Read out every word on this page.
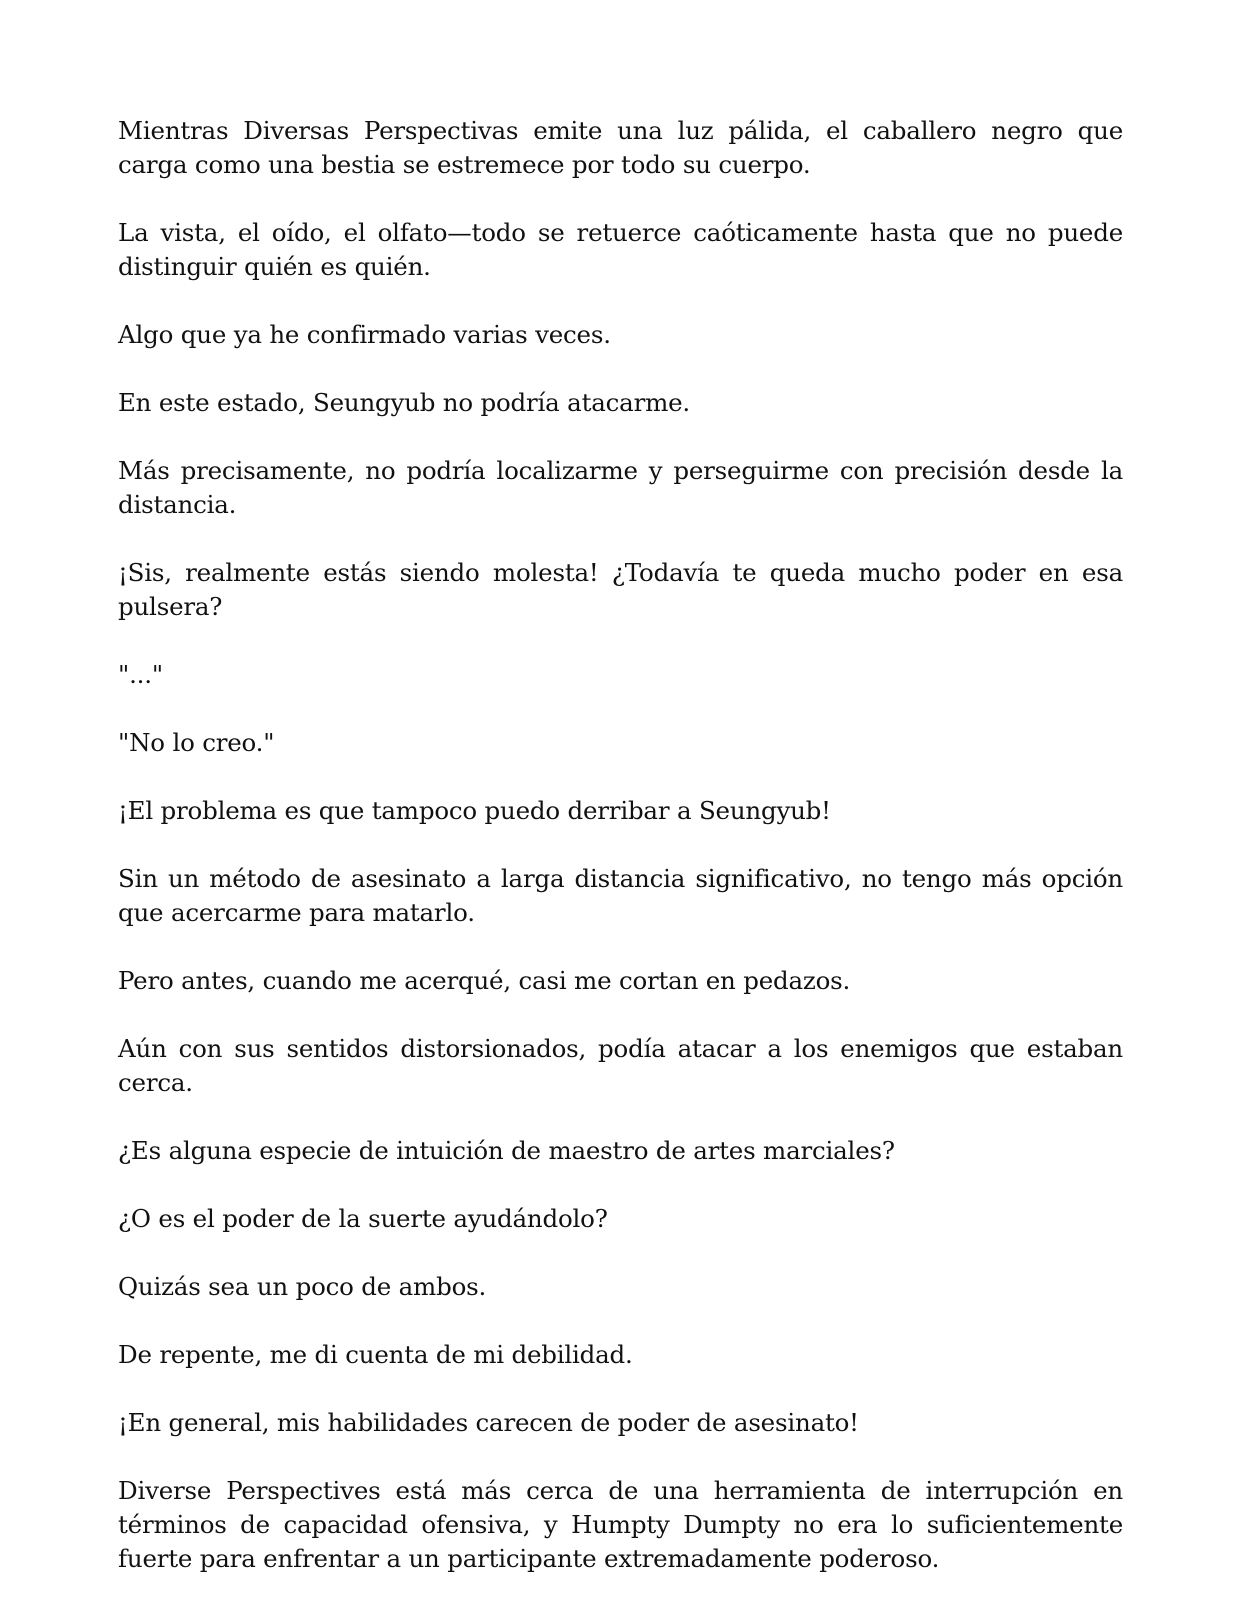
Mientras Diversas Perspectivas emite una luz pálida, el caballero negro que carga como una bestia se estremece por todo su cuerpo.

La vista, el oído, el olfato—todo se retuerce caóticamente hasta que no puede distinguir quién es quién.

Algo que ya he confirmado varias veces.

En este estado, Seungyub no podría atacarme.

Más precisamente, no podría localizarme y perseguirme con precisión desde la distancia.

¡Sis, realmente estás siendo molesta! ¿Todavía te queda mucho poder en esa pulsera?

"..."

"No lo creo."

¡El problema es que tampoco puedo derribar a Seungyub!

Sin un método de asesinato a larga distancia significativo, no tengo más opción que acercarme para matarlo.

Pero antes, cuando me acerqué, casi me cortan en pedazos.

Aún con sus sentidos distorsionados, podía atacar a los enemigos que estaban cerca.

¿Es alguna especie de intuición de maestro de artes marciales?

¿O es el poder de la suerte ayudándolo?

Quizás sea un poco de ambos.

De repente, me di cuenta de mi debilidad.

¡En general, mis habilidades carecen de poder de asesinato!

Diverse Perspectives está más cerca de una herramienta de interrupción en términos de capacidad ofensiva, y Humpty Dumpty no era lo suficientemente fuerte para enfrentar a un participante extremadamente poderoso.
